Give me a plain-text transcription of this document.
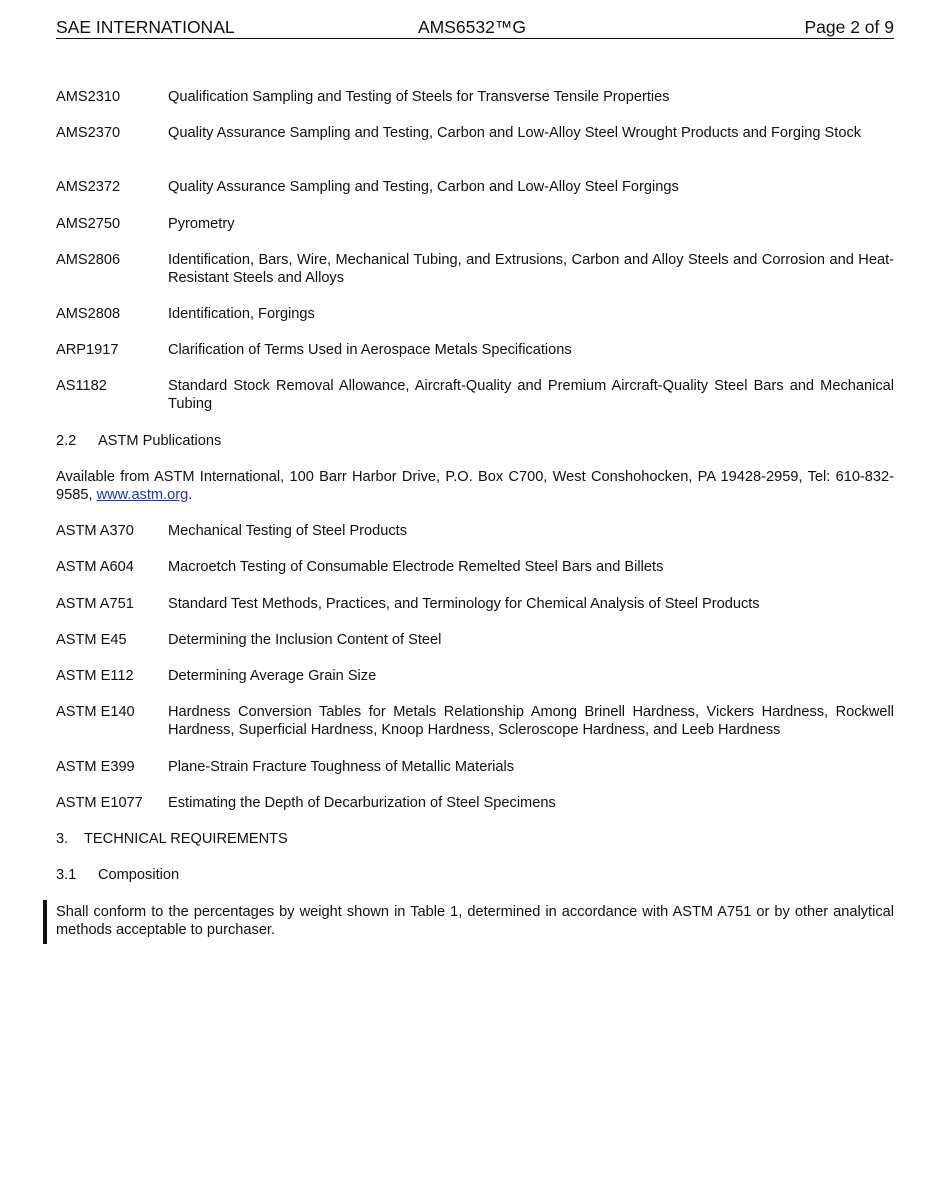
SAE INTERNATIONAL	AMS6532™G	Page 2 of 9
AMS2310	Qualification Sampling and Testing of Steels for Transverse Tensile Properties
AMS2370	Quality Assurance Sampling and Testing, Carbon and Low-Alloy Steel Wrought Products and Forging Stock
AMS2372	Quality Assurance Sampling and Testing, Carbon and Low-Alloy Steel Forgings
AMS2750	Pyrometry
AMS2806	Identification, Bars, Wire, Mechanical Tubing, and Extrusions, Carbon and Alloy Steels and Corrosion and Heat-Resistant Steels and Alloys
AMS2808	Identification, Forgings
ARP1917	Clarification of Terms Used in Aerospace Metals Specifications
AS1182	Standard Stock Removal Allowance, Aircraft-Quality and Premium Aircraft-Quality Steel Bars and Mechanical Tubing
2.2 ASTM Publications
Available from ASTM International, 100 Barr Harbor Drive, P.O. Box C700, West Conshohocken, PA 19428-2959, Tel: 610-832-9585, www.astm.org.
ASTM A370	Mechanical Testing of Steel Products
ASTM A604	Macroetch Testing of Consumable Electrode Remelted Steel Bars and Billets
ASTM A751	Standard Test Methods, Practices, and Terminology for Chemical Analysis of Steel Products
ASTM E45	Determining the Inclusion Content of Steel
ASTM E112	Determining Average Grain Size
ASTM E140	Hardness Conversion Tables for Metals Relationship Among Brinell Hardness, Vickers Hardness, Rockwell Hardness, Superficial Hardness, Knoop Hardness, Scleroscope Hardness, and Leeb Hardness
ASTM E399	Plane-Strain Fracture Toughness of Metallic Materials
ASTM E1077	Estimating the Depth of Decarburization of Steel Specimens
3. TECHNICAL REQUIREMENTS
3.1 Composition
Shall conform to the percentages by weight shown in Table 1, determined in accordance with ASTM A751 or by other analytical methods acceptable to purchaser.
